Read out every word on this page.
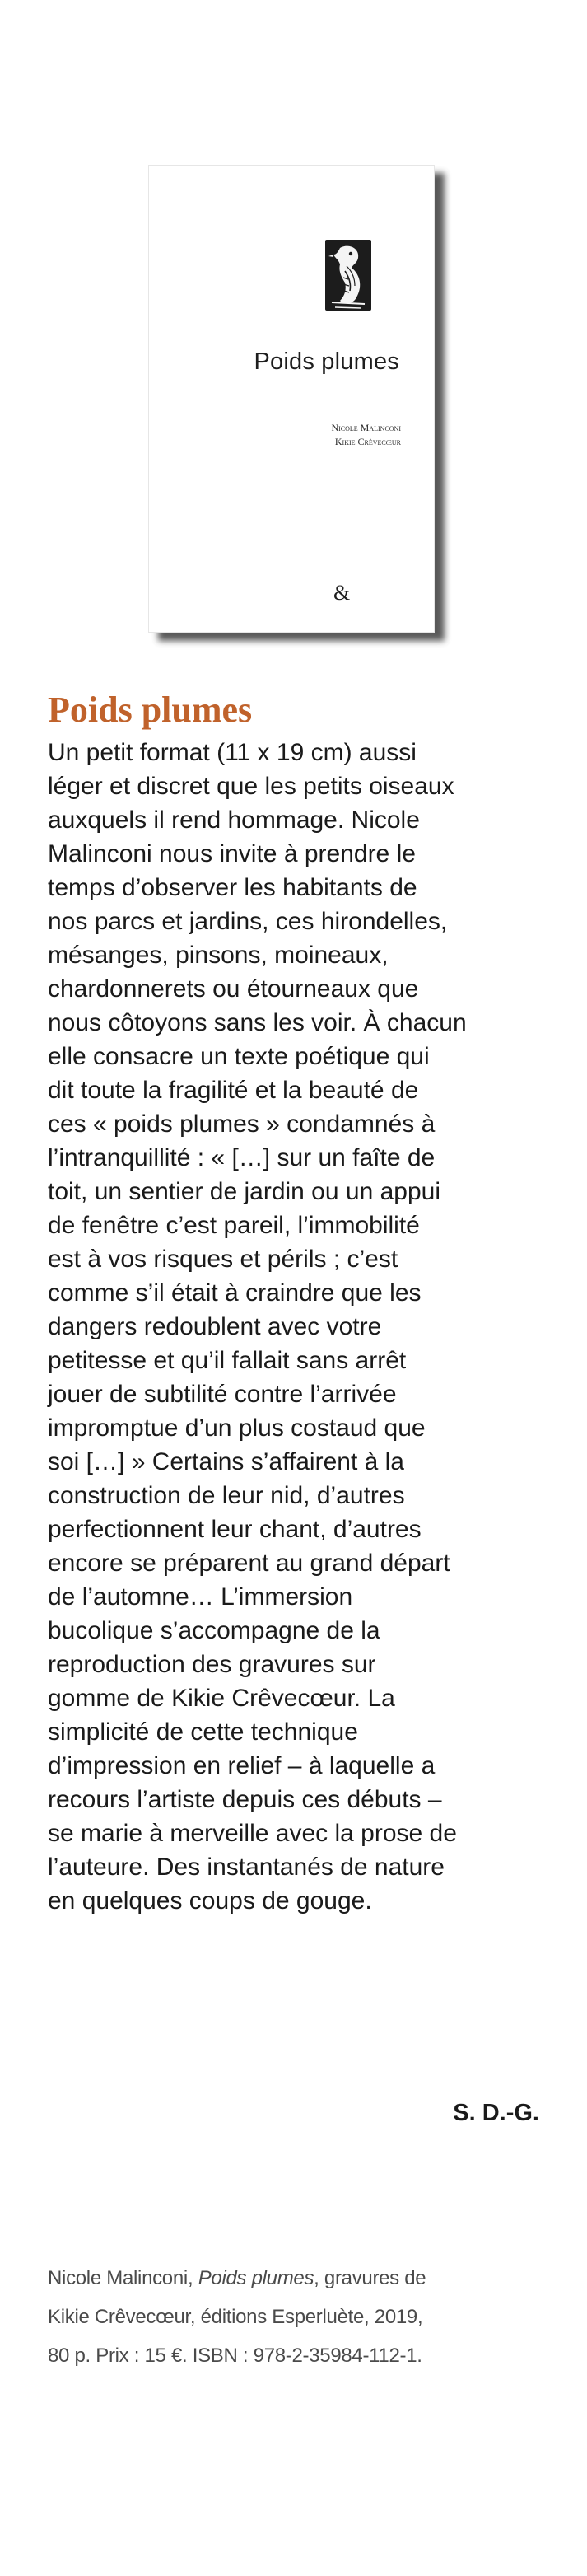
Poids plumes
Nicole Malinconi
Kikie Crèvecœur
&
Poids plumes

Un petit format (11 x 19 cm) aussi
léger et discret que les petits oiseaux
auxquels il rend hommage. Nicole
Malinconi nous invite à prendre le
temps d’observer les habitants de
nos parcs et jardins, ces hirondelles,
mésanges, pinsons, moineaux,
chardonnerets ou étourneaux que
nous côtoyons sans les voir. À chacun
elle consacre un texte poétique qui
dit toute la fragilité et la beauté de
ces « poids plumes » condamnés à
l’intranquillité : « […] sur un faîte de
toit, un sentier de jardin ou un appui
de fenêtre c’est pareil, l’immobilité
est à vos risques et périls ; c’est
comme s’il était à craindre que les
dangers redoublent avec votre
petitesse et qu’il fallait sans arrêt
jouer de subtilité contre l’arrivée
impromptue d’un plus costaud que
soi […] » Certains s’affairent à la
construction de leur nid, d’autres
perfectionnent leur chant, d’autres
encore se préparent au grand départ
de l’automne… L’immersion
bucolique s’accompagne de la
reproduction des gravures sur
gomme de Kikie Crêvecœur. La
simplicité de cette technique
d’impression en relief – à laquelle a
recours l’artiste depuis ces débuts –
se marie à merveille avec la prose de
l’auteure. Des instantanés de nature
en quelques coups de gouge.

S. D.-G.

Nicole Malinconi, Poids plumes, gravures de
Kikie Crêvecœur, éditions Esperluète, 2019,
80 p. Prix : 15 €. ISBN : 978-2-35984-112-1.
